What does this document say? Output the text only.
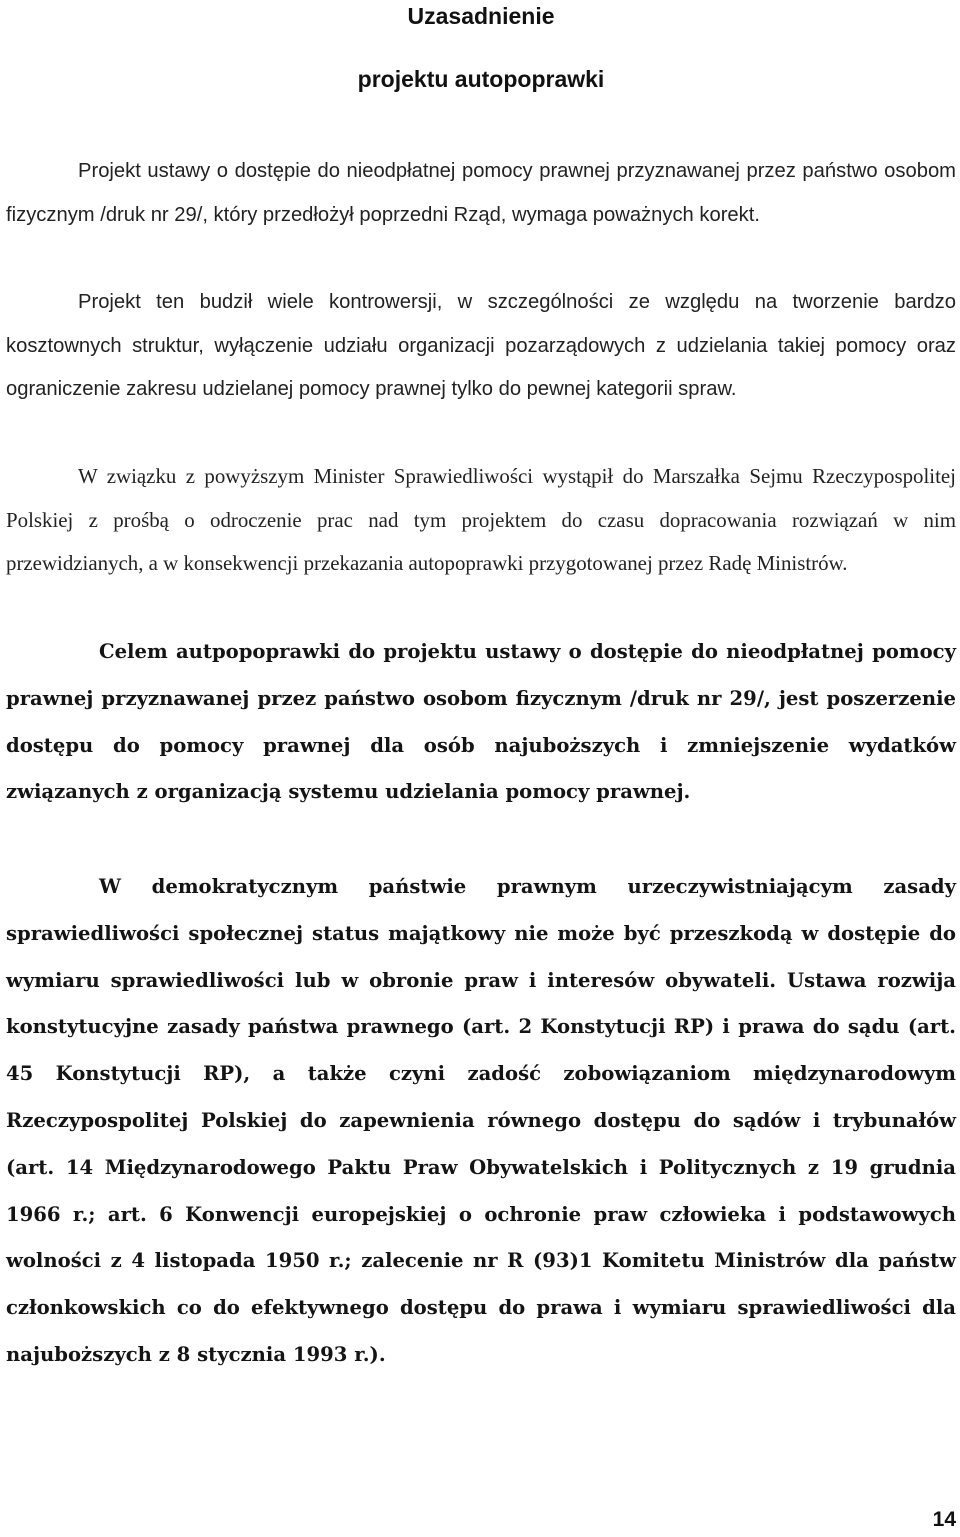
Uzasadnienie
projektu autopoprawki

Projekt ustawy o dostępie do nieodpłatnej pomocy prawnej przyznawanej przez państwo osobom fizycznym /druk nr 29/, który przedłożył poprzedni Rząd, wymaga poważnych korekt.

Projekt ten budził wiele kontrowersji, w szczególności ze względu na tworzenie bardzo kosztownych struktur, wyłączenie udziału organizacji pozarządowych z udzielania takiej pomocy oraz ograniczenie zakresu udzielanej pomocy prawnej tylko do pewnej kategorii spraw.

W związku z powyższym Minister Sprawiedliwości wystąpił do Marszałka Sejmu Rzeczypospolitej Polskiej z prośbą o odroczenie prac nad tym projektem do czasu dopracowania rozwiązań w nim przewidzianych, a w konsekwencji przekazania autopoprawki przygotowanej przez Radę Ministrów.

Celem autpopoprawki do projektu ustawy o dostępie do nieodpłatnej pomocy prawnej przyznawanej przez państwo osobom fizycznym /druk nr 29/, jest poszerzenie dostępu do pomocy prawnej dla osób najuboższych i zmniejszenie wydatków związanych z organizacją systemu udzielania pomocy prawnej.

W demokratycznym państwie prawnym urzeczywistniającym zasady sprawiedliwości społecznej status majątkowy nie może być przeszkodą w dostępie do wymiaru sprawiedliwości lub w obronie praw i interesów obywateli. Ustawa rozwija konstytucyjne zasady państwa prawnego (art. 2 Konstytucji RP) i prawa do sądu (art. 45 Konstytucji RP), a także czyni zadość zobowiązaniom międzynarodowym Rzeczypospolitej Polskiej do zapewnienia równego dostępu do sądów i trybunałów (art. 14 Międzynarodowego Paktu Praw Obywatelskich i Politycznych z 19 grudnia 1966 r.; art. 6 Konwencji europejskiej o ochronie praw człowieka i podstawowych wolności z 4 listopada 1950 r.; zalecenie nr R (93)1 Komitetu Ministrów dla państw członkowskich co do efektywnego dostępu do prawa i wymiaru sprawiedliwości dla najuboższych z 8 stycznia 1993 r.).

14
